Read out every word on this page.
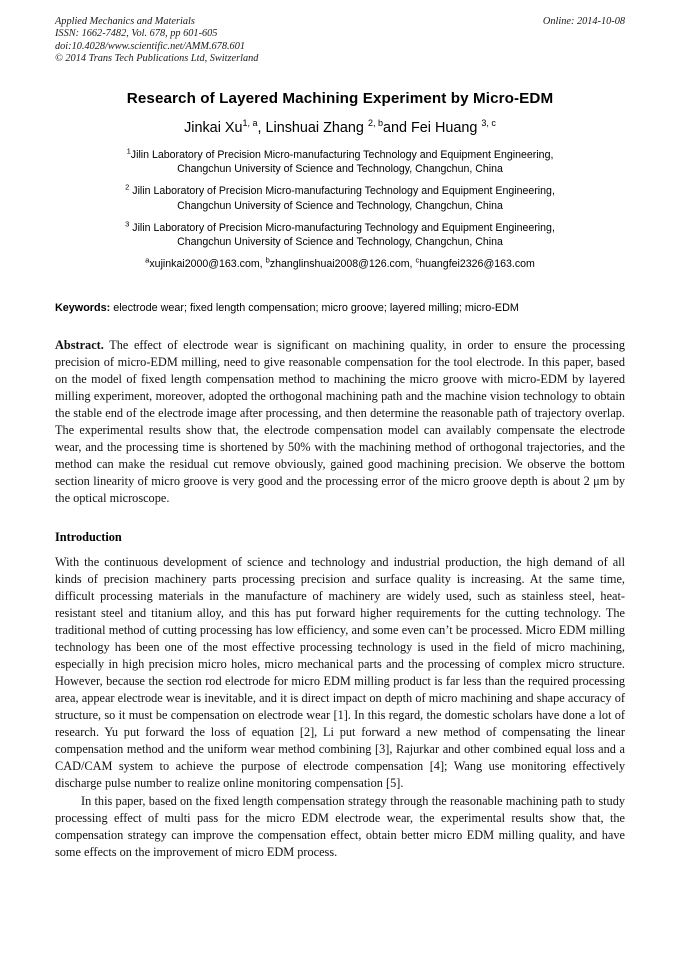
Applied Mechanics and Materials
ISSN: 1662-7482, Vol. 678, pp 601-605
doi:10.4028/www.scientific.net/AMM.678.601
© 2014 Trans Tech Publications Ltd, Switzerland
Online: 2014-10-08
Research of Layered Machining Experiment by Micro-EDM
Jinkai Xu$^{1, a}$, Linshuai Zhang $^{2, b}$and Fei Huang $^{3, c}$
$^1$Jilin Laboratory of Precision Micro-manufacturing Technology and Equipment Engineering,
Changchun University of Science and Technology, Changchun, China
$^2$ Jilin Laboratory of Precision Micro-manufacturing Technology and Equipment Engineering,
Changchun University of Science and Technology, Changchun, China
$^3$ Jilin Laboratory of Precision Micro-manufacturing Technology and Equipment Engineering,
Changchun University of Science and Technology, Changchun, China
$^a$xujinkai2000@163.com, $^b$zhanglinshuai2008@126.com, $^c$huangfei2326@163.com
Keywords: electrode wear; fixed length compensation; micro groove; layered milling; micro-EDM
Abstract. The effect of electrode wear is significant on machining quality, in order to ensure the processing precision of micro-EDM milling, need to give reasonable compensation for the tool electrode. In this paper, based on the model of fixed length compensation method to machining the micro groove with micro-EDM by layered milling experiment, moreover, adopted the orthogonal machining path and the machine vision technology to obtain the stable end of the electrode image after processing, and then determine the reasonable path of trajectory overlap. The experimental results show that, the electrode compensation model can availably compensate the electrode wear, and the processing time is shortened by 50% with the machining method of orthogonal trajectories, and the method can make the residual cut remove obviously, gained good machining precision. We observe the bottom section linearity of micro groove is very good and the processing error of the micro groove depth is about 2 μm by the optical microscope.
Introduction

With the continuous development of science and technology and industrial production, the high demand of all kinds of precision machinery parts processing precision and surface quality is increasing. At the same time, difficult processing materials in the manufacture of machinery are widely used, such as stainless steel, heat-resistant steel and titanium alloy, and this has put forward higher requirements for the cutting technology. The traditional method of cutting processing has low efficiency, and some even can’t be processed. Micro EDM milling technology has been one of the most effective processing technology is used in the field of micro machining, especially in high precision micro holes, micro mechanical parts and the processing of complex micro structure. However, because the section rod electrode for micro EDM milling product is far less than the required processing area, appear electrode wear is inevitable, and it is direct impact on depth of micro machining and shape accuracy of structure, so it must be compensation on electrode wear [1]. In this regard, the domestic scholars have done a lot of research. Yu put forward the loss of equation [2], Li put forward a new method of compensating the linear compensation method and the uniform wear method combining [3], Rajurkar and other combined equal loss and a CAD/CAM system to achieve the purpose of electrode compensation [4]; Wang use monitoring effectively discharge pulse number to realize online monitoring compensation [5].

In this paper, based on the fixed length compensation strategy through the reasonable machining path to study processing effect of multi pass for the micro EDM electrode wear, the experimental results show that, the compensation strategy can improve the compensation effect, obtain better micro EDM milling quality, and have some effects on the improvement of micro EDM process.
